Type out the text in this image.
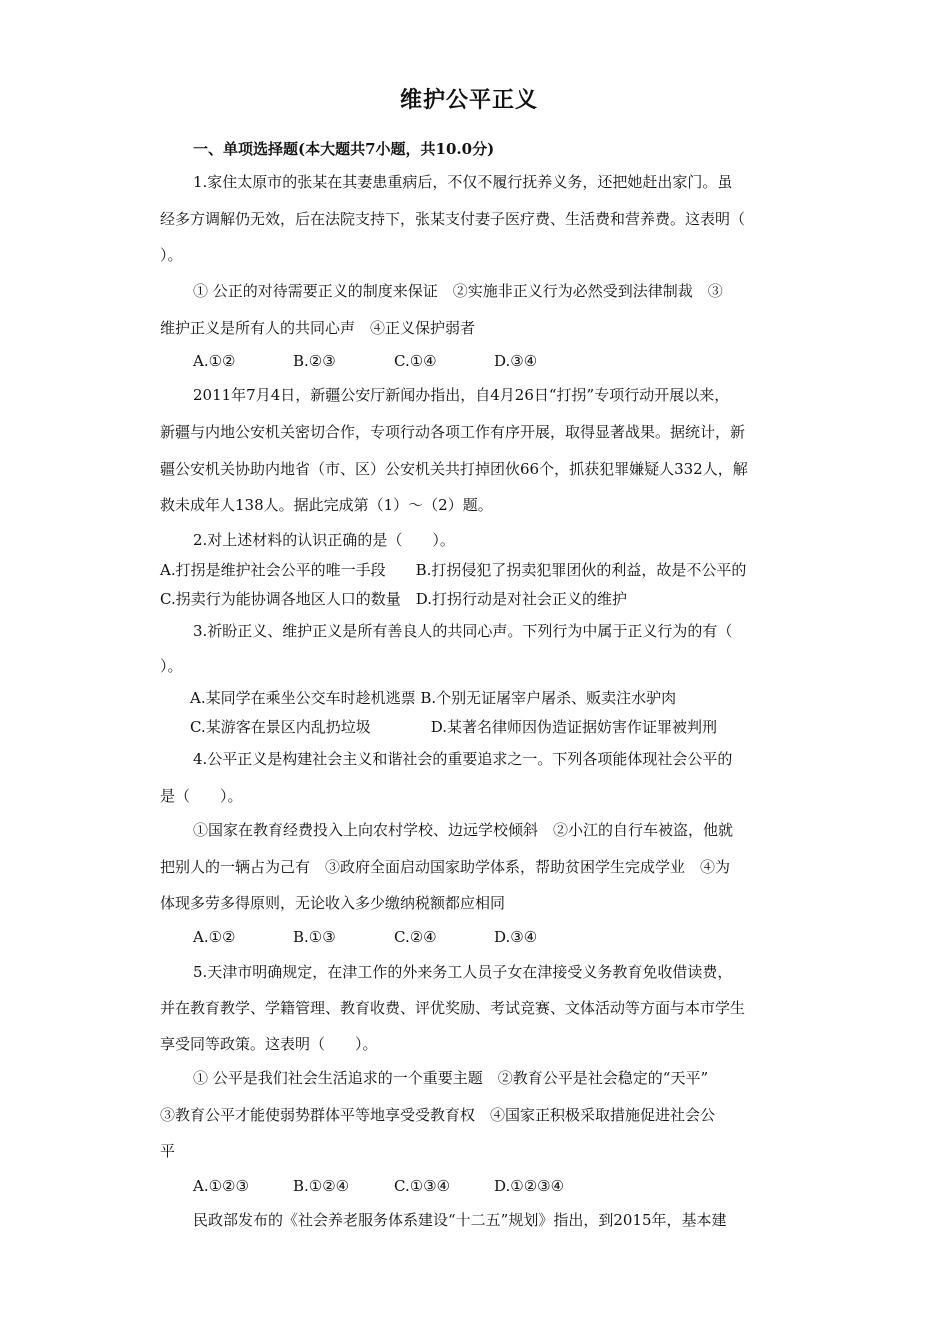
维护公平正义
一、单项选择题(本大题共7小题，共10.0分)
1.家住太原市的张某在其妻患重病后，不仅不履行抚养义务，还把她赶出家门。虽
经多方调解仍无效，后在法院支持下，张某支付妻子医疗费、生活费和营养费。这表明（
）。
① 公正的对待需要正义的制度来保证　②实施非正义行为必然受到法律制裁　③
维护正义是所有人的共同心声　④正义保护弱者
A.①②	B.②③	C.①④	D.③④
2011年7月4日，新疆公安厅新闻办指出，自4月26日“打拐”专项行动开展以来，
新疆与内地公安机关密切合作，专项行动各项工作有序开展，取得显著战果。据统计，新
疆公安机关协助内地省（市、区）公安机关共打掉团伙66个，抓获犯罪嫌疑人332人，解
救未成年人138人。据此完成第（1）～（2）题。
2.对上述材料的认识正确的是（　　）。
A.打拐是维护社会公平的唯一手段　　B.打拐侵犯了拐卖犯罪团伙的利益，故是不公平的
C.拐卖行为能协调各地区人口的数量　D.打拐行动是对社会正义的维护
3.祈盼正义、维护正义是所有善良人的共同心声。下列行为中属于正义行为的有（
）。
A.某同学在乘坐公交车时趁机逃票 B.个别无证屠宰户屠杀、贩卖注水驴肉
C.某游客在景区内乱扔垃圾　　　　D.某著名律师因伪造证据妨害作证罪被判刑
4.公平正义是构建社会主义和谐社会的重要追求之一。下列各项能体现社会公平的
是（　　）。
①国家在教育经费投入上向农村学校、边远学校倾斜　②小江的自行车被盗，他就
把别人的一辆占为己有　③政府全面启动国家助学体系，帮助贫困学生完成学业　④为
体现多劳多得原则，无论收入多少缴纳税额都应相同
A.①②	B.①③	C.②④	D.③④
5.天津市明确规定，在津工作的外来务工人员子女在津接受义务教育免收借读费，
并在教育教学、学籍管理、教育收费、评优奖励、考试竞赛、文体活动等方面与本市学生
享受同等政策。这表明（　　）。
① 公平是我们社会生活追求的一个重要主题　②教育公平是社会稳定的“天平”
③教育公平才能使弱势群体平等地享受受教育权　④国家正积极采取措施促进社会公
平
A.①②③	B.①②④	C.①③④	D.①②③④
民政部发布的《社会养老服务体系建设“十二五”规划》指出，到2015年，基本建
